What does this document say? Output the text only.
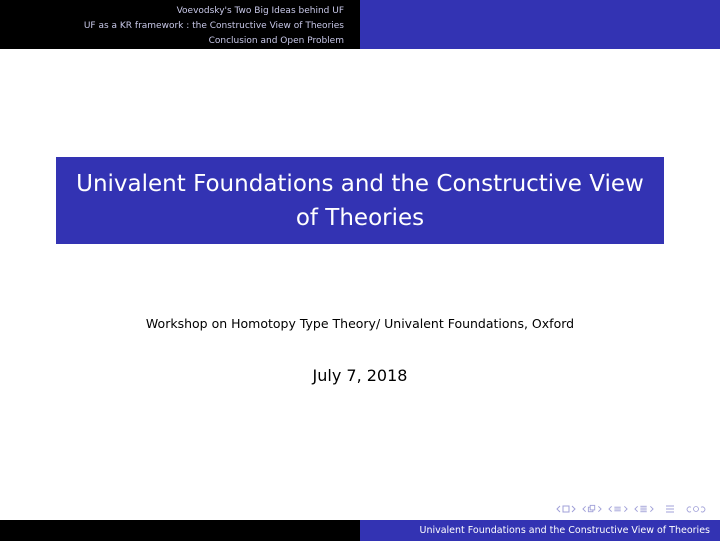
Voevodsky's Two Big Ideas behind UF
UF as a KR framework : the Constructive View of Theories
Conclusion and Open Problem
Univalent Foundations and the Constructive View
of Theories
Workshop on Homotopy Type Theory/ Univalent Foundations, Oxford
July 7, 2018
Univalent Foundations and the Constructive View of Theories
